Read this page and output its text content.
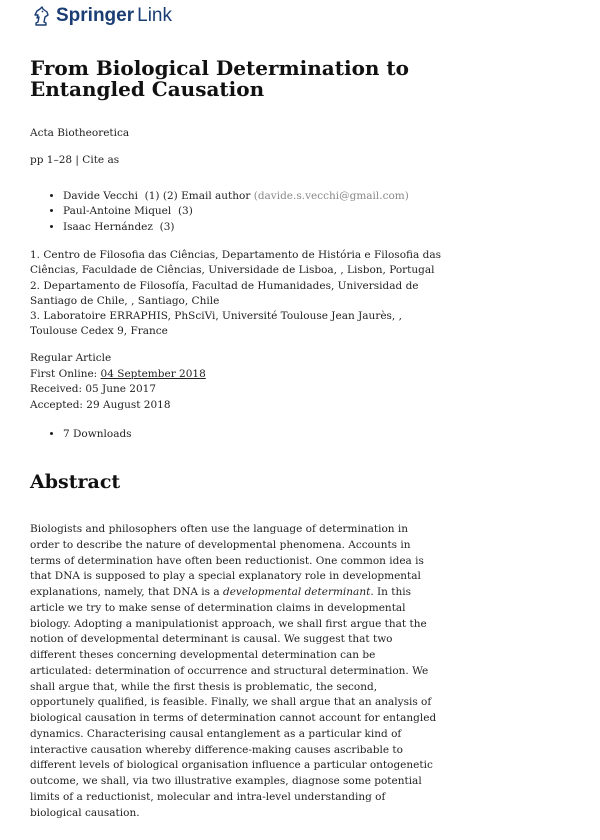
Springer Link
From Biological Determination to Entangled Causation
Acta Biotheoretica
pp 1–28 | Cite as
• Davide Vecchi (1) (2) Email author (davide.s.vecchi@gmail.com)
• Paul-Antoine Miquel (3)
• Isaac Hernández (3)

1. Centro de Filosofia das Ciências, Departamento de História e Filosofia das Ciências, Faculdade de Ciências, Universidade de Lisboa, , Lisbon, Portugal

2. Departamento de Filosofía, Facultad de Humanidades, Universidad de Santiago de Chile, , Santiago, Chile

3. Laboratoire ERRAPHIS, PhSciVi, Université Toulouse Jean Jaurès, , Toulouse Cedex 9, France

Regular Article

First Online: 04 September 2018

Received: 05 June 2017

Accepted: 29 August 2018

• 7 Downloads
Abstract

Biologists and philosophers often use the language of determination in order to describe the nature of developmental phenomena. Accounts in terms of determination have often been reductionist. One common idea is that DNA is supposed to play a special explanatory role in developmental explanations, namely, that DNA is a developmental determinant. In this article we try to make sense of determination claims in developmental biology. Adopting a manipulationist approach, we shall first argue that the notion of developmental determinant is causal. We suggest that two different theses concerning developmental determination can be articulated: determination of occurrence and structural determination. We shall argue that, while the first thesis is problematic, the second, opportunely qualified, is feasible. Finally, we shall argue that an analysis of biological causation in terms of determination cannot account for entangled dynamics. Characterising causal entanglement as a particular kind of interactive causation whereby difference-making causes ascribable to different levels of biological organisation influence a particular ontogenetic outcome, we shall, via two illustrative examples, diagnose some potential limits of a reductionist, molecular and intra-level understanding of biological causation.
